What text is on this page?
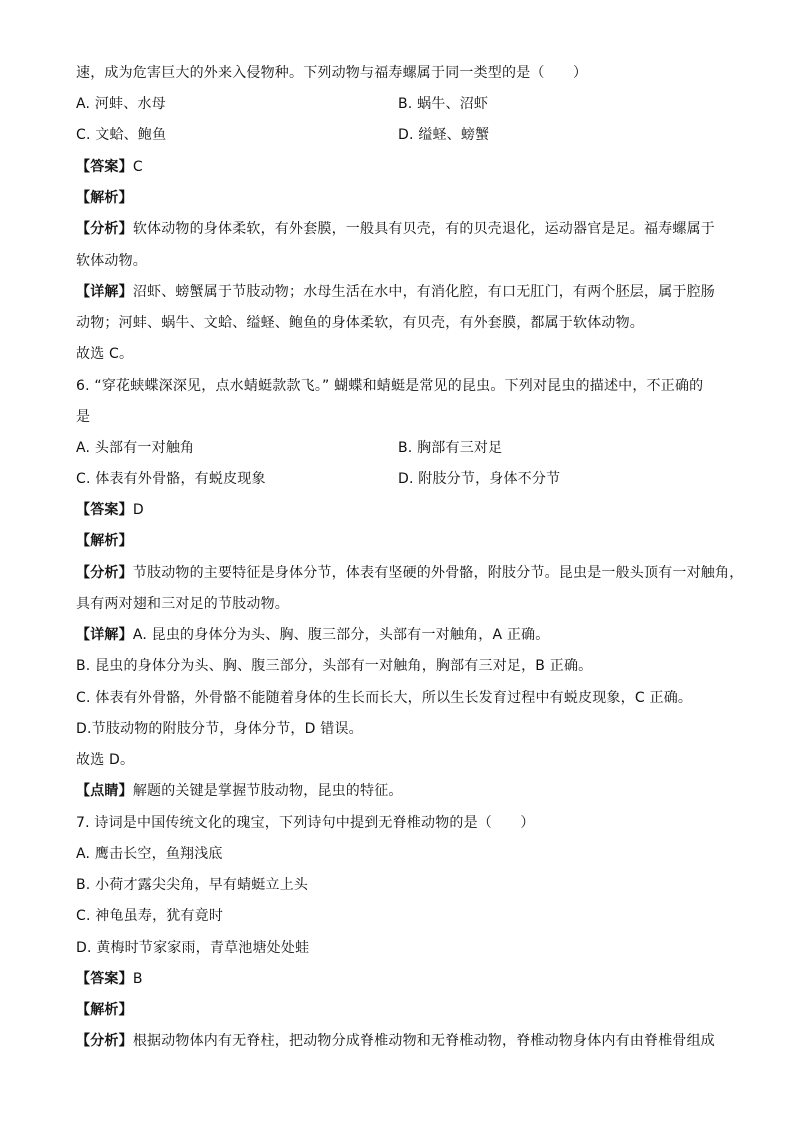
速，成为危害巨大的外来入侵物种。下列动物与福寿螺属于同一类型的是（　　）
A. 河蚌、水母	B. 蜗牛、沼虾
C. 文蛤、鲍鱼	D. 缢蛏、螃蟹
【答案】C
【解析】
【分析】软体动物的身体柔软，有外套膜，一般具有贝壳，有的贝壳退化，运动器官是足。福寿螺属于
软体动物。
【详解】沼虾、螃蟹属于节肢动物；水母生活在水中，有消化腔，有口无肛门，有两个胚层，属于腔肠
动物；河蚌、蜗牛、文蛤、缢蛏、鲍鱼的身体柔软，有贝壳，有外套膜，都属于软体动物。
故选 C。
6. “穿花蛱蝶深深见，点水蜻蜓款款飞。” 蝴蝶和蜻蜓是常见的昆虫。下列对昆虫的描述中，不正确的
是
A. 头部有一对触角	B. 胸部有三对足
C. 体表有外骨骼，有蜕皮现象	D. 附肢分节，身体不分节
【答案】D
【解析】
【分析】节肢动物的主要特征是身体分节，体表有坚硬的外骨骼，附肢分节。昆虫是一般头顶有一对触角，
具有两对翅和三对足的节肢动物。
【详解】A. 昆虫的身体分为头、胸、腹三部分，头部有一对触角，A 正确。
B. 昆虫的身体分为头、胸、腹三部分，头部有一对触角，胸部有三对足，B 正确。
C. 体表有外骨骼，外骨骼不能随着身体的生长而长大，所以生长发育过程中有蜕皮现象，C 正确。
D.节肢动物的附肢分节，身体分节，D 错误。
故选 D。
【点睛】解题的关键是掌握节肢动物，昆虫的特征。
7. 诗词是中国传统文化的瑰宝，下列诗句中提到无脊椎动物的是（　　）
A. 鹰击长空，鱼翔浅底
B. 小荷才露尖尖角，早有蜻蜓立上头
C. 神龟虽寿，犹有竟时
D. 黄梅时节家家雨，青草池塘处处蛙
【答案】B
【解析】
【分析】根据动物体内有无脊柱，把动物分成脊椎动物和无脊椎动物，脊椎动物身体内有由脊椎骨组成
